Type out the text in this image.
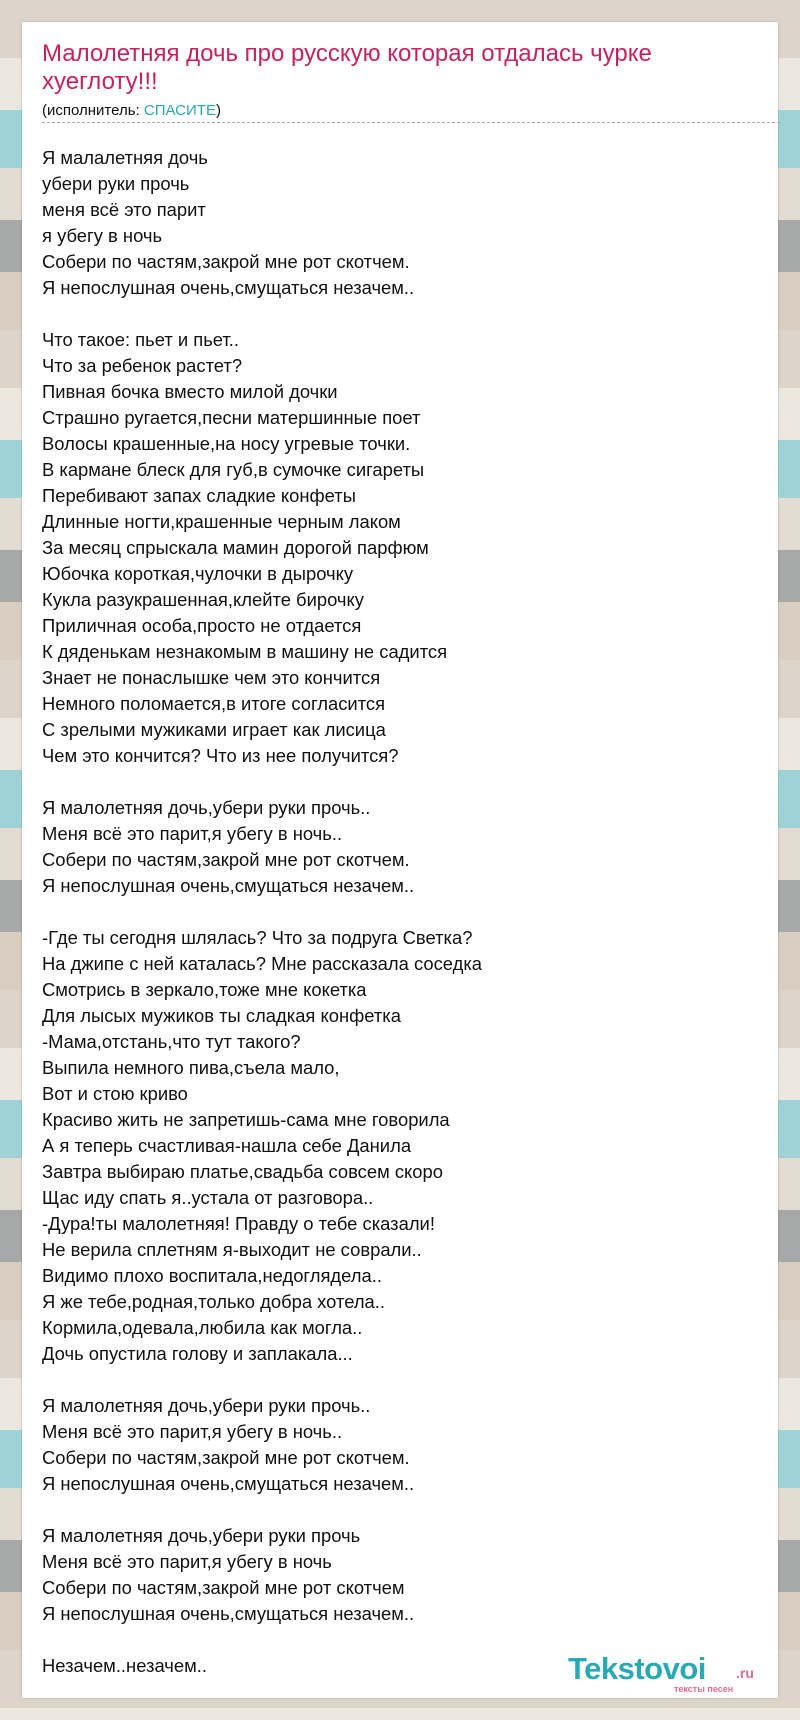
Малолетняя дочь про русскую которая отдалась чурке хуеглоту!!!
(исполнитель: СПАСИТЕ)
Я малалетняя дочь
убери руки прочь
меня всё это парит
я убегу в ночь
Собери по частям,закрой мне рот скотчем.
Я непослушная очень,смущаться незачем..
Что такое: пьет и пьет..
Что за ребенок растет?
Пивная бочка вместо милой дочки
Страшно ругается,песни матершинные поет
Волосы крашенные,на носу угревые точки.
В кармане блеск для губ,в сумочке сигареты
Перебивают запах сладкие конфеты
Длинные ногти,крашенные черным лаком
За месяц спрыскала мамин дорогой парфюм
Юбочка короткая,чулочки в дырочку
Кукла разукрашенная,клейте бирочку
Приличная особа,просто не отдается
К дяденькам незнакомым в машину не садится
Знает не понаслышке чем это кончится
Немного поломается,в итоге согласится
С зрелыми мужиками играет как лисица
Чем это кончится? Что из нее получится?
Я малолетняя дочь,убери руки прочь..
Меня всё это парит,я убегу в ночь..
Собери по частям,закрой мне рот скотчем.
Я непослушная очень,смущаться незачем..
-Где ты сегодня шлялась? Что за подруга Светка?
На джипе с ней каталась? Мне рассказала соседка
Смотрись в зеркало,тоже мне кокетка
Для лысых мужиков ты сладкая конфетка
-Мама,отстань,что тут такого?
Выпила немного пива,съела мало,
Вот и стою криво
Красиво жить не запретишь-сама мне говорила
А я теперь счастливая-нашла себе Данила
Завтра выбираю платье,свадьба совсем скоро
Щас иду спать я..устала от разговора..
-Дура!ты малолетняя! Правду о тебе сказали!
Не верила сплетням я-выходит не соврали..
Видимо плохо воспитала,недоглядела..
Я же тебе,родная,только добра хотела..
Кормила,одевала,любила как могла..
Дочь опустила голову и заплакала...
Я малолетняя дочь,убери руки прочь..
Меня всё это парит,я убегу в ночь..
Собери по частям,закрой мне рот скотчем.
Я непослушная очень,смущаться незачем..
Я малолетняя дочь,убери руки прочь
Меня всё это парит,я убегу в ночь
Собери по частям,закрой мне рот скотчем
Я непослушная очень,смущаться незачем..
Незачем..незачем..	Tekstovoi .ru
тексты песен
